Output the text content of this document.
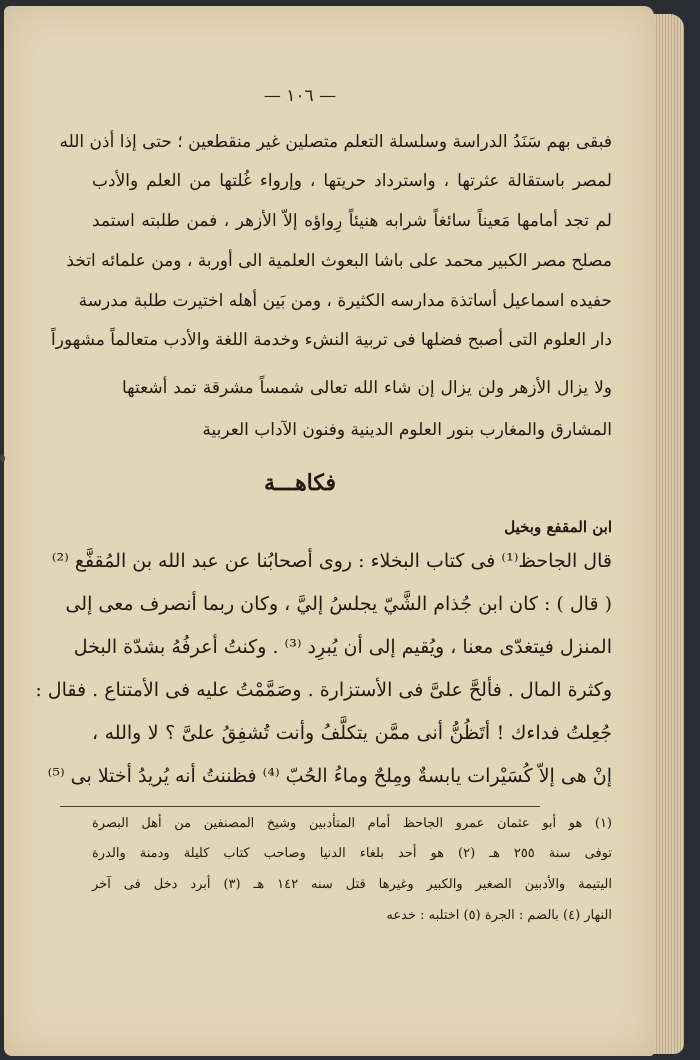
— ١٠٦ —
فبقى بهم سَنَدُ الدراسة وسلسلة التعلم متصلين غير منقطعين ؛ حتى إذا أذن الله
لمصر باستقالة عثرتها ، واسترداد حريتها ، وإرواء غُلتها من العلم والأدب
لم تجد أمامها مَعيناً سائغاً شرابه هنيئاً رِواؤه إلاّ الأزهر ، فمن طلبته استمد
مصلح مصر الكبير محمد على باشا البعوث العلمية الى أوربة ، ومن علمائه اتخذ
حفيده اسماعيل أساتذة مدارسه الكثيرة ، ومن بَين أهله اختيرت طلبة مدرسة
دار العلوم التى أصبح فضلها فى تربية النشء وخدمة اللغة والأدب متعالماً مشهوراً
ولا يزال الأزهر ولن يزال إن شاء الله تعالى شمساً مشرقة تمد أشعتها
المشارق والمغارب بنور العلوم الدينية وفنون الآداب العربية
فكاهـــة
ابن المقفع وبخيل
قال الجاحظ⁽¹⁾ فى كتاب البخلاء : روى أصحابُنا عن عبد الله بن المُقفَّع ⁽²⁾
( قال ) : كان ابن جُذام الشَّيّ يجلسُ إليَّ ، وكان ربما أنصرف معى إلى
المنزل فيتغدّى معنا ، ويُقيم إلى أن يُبرِد ⁽³⁾ . وكنتُ أعرفُهُ بشدّة البخل
وكثرة المال . فألحَّ علىَّ فى الأستزارة . وصَمَّمْتُ عليه فى الأمتناع . فقال :
جُعِلتُ فداءك ! أتَظُنُّ أنى ممَّن يتكلَّفُ وأنت تُشفِقُ علىَّ ؟ لا والله ،
إنْ هى إلاّ كُسَيْرات يابسةٌ ومِلحٌ وماءُ الحُبّ ⁽⁴⁾ فظننتُ أنه يُريدُ أختلا بى ⁽⁵⁾
(١) هو أبو عثمان عمرو الجاحظ أمام المتأدبين وشيخ المصنفين من أهل البصرة
توفى سنة ٢٥٥ هـ (٢) هو أحد بلغاء الدنيا وصاحب كتاب كليلة ودمنة والدرة
اليتيمة والأدبين الصغير والكبير وغيرها قتل سنه ١٤٢ هـ (٣) أبرد دخل فى آخر
النهار (٤) بالضم : الجرة (٥) اختلبه : خدعه
